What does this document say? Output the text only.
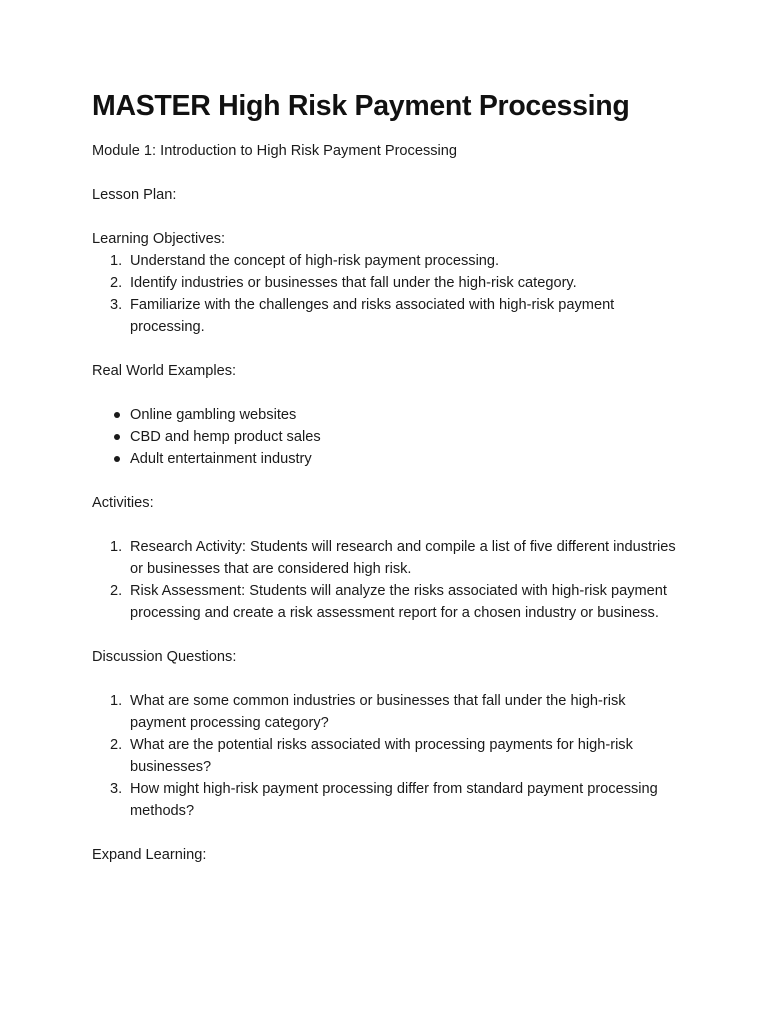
MASTER High Risk Payment Processing

Module 1: Introduction to High Risk Payment Processing

Lesson Plan:

Learning Objectives:

1. Understand the concept of high-risk payment processing.
2. Identify industries or businesses that fall under the high-risk category.
3. Familiarize with the challenges and risks associated with high-risk payment processing.

Real World Examples:

Online gambling websites
CBD and hemp product sales
Adult entertainment industry

Activities:

1. Research Activity: Students will research and compile a list of five different industries or businesses that are considered high risk.
2. Risk Assessment: Students will analyze the risks associated with high-risk payment processing and create a risk assessment report for a chosen industry or business.

Discussion Questions:

1. What are some common industries or businesses that fall under the high-risk payment processing category?
2. What are the potential risks associated with processing payments for high-risk businesses?
3. How might high-risk payment processing differ from standard payment processing methods?

Expand Learning:
